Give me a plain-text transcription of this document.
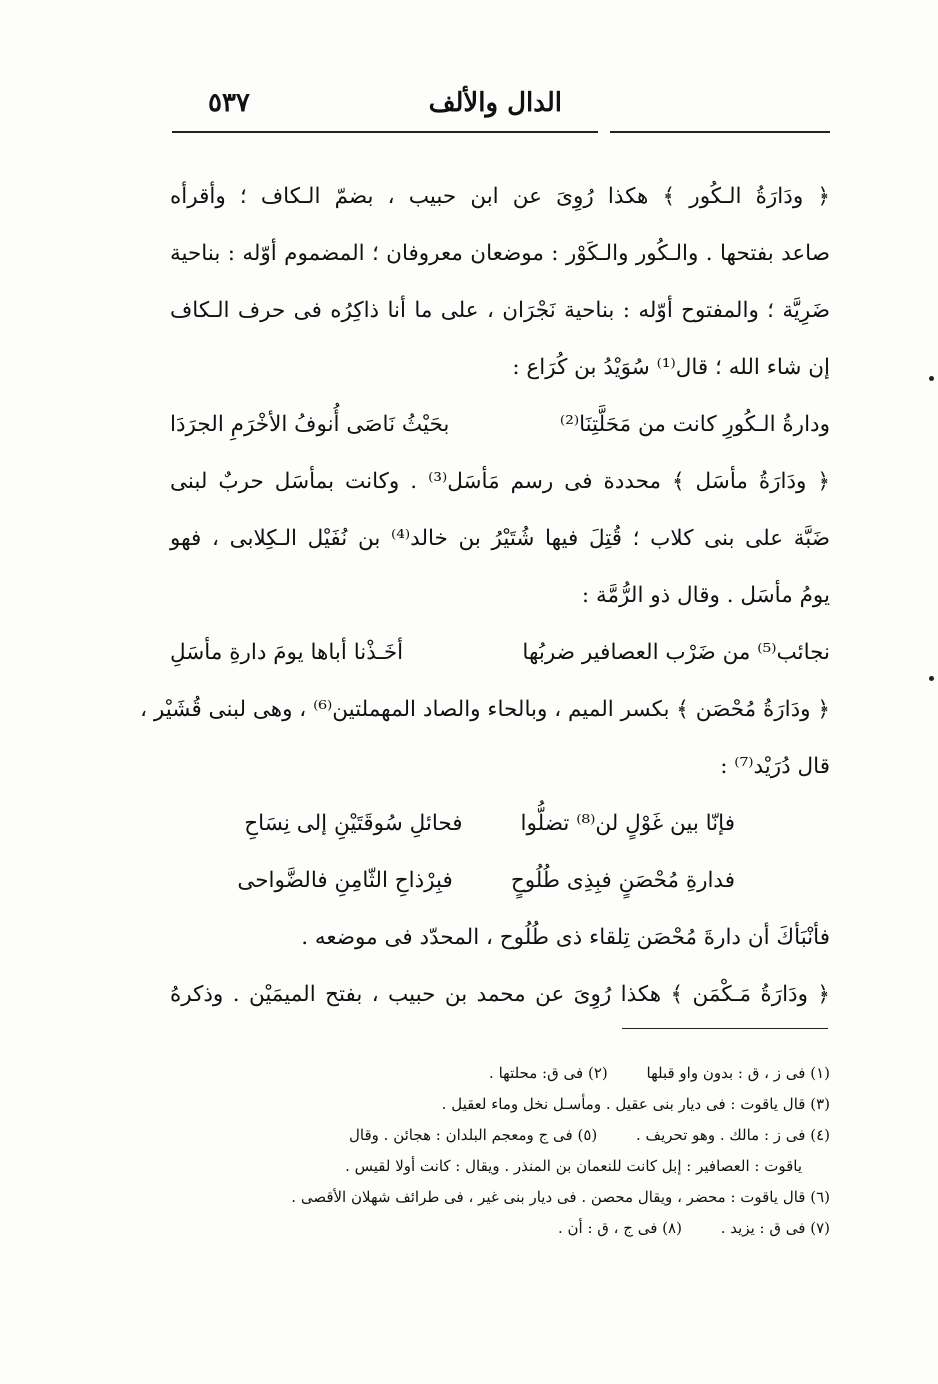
الدال والألف
٥٣٧
﴿ ودَارَةُ الـكُور ﴾ هكذا رُوِىَ عن ابن حبيب ، بضمّ الـكاف ؛ وأقرأه
صاعد بفتحها . والـكُور والـكَوْر : موضعان معروفان ؛ المضموم أوّله : بناحية
ضَرِيَّة ؛ والمفتوح أوّله : بناحية نَجْرَان ، على ما أنا ذاكِرُه فى حرف الـكاف
إن شاء الله ؛ قال⁽¹⁾ سُوَيْدُ بن كُرَاع :
ودارةُ الـكُورِ كانت من مَحَلَّتِنَا⁽²⁾
بحَيْثُ نَاصَى أُنوفُ الأخْرَمِ الجرَدَا
﴿ ودَارَةُ مأسَل ﴾ محددة فى رسم مَأسَل⁽³⁾ . وكانت بمأسَل حربٌ لبنى
ضَبَّة على بنى كلاب ؛ قُتِلَ فيها شُتَيْرُ بن خالد⁽⁴⁾ بن نُفَيْل الـكِلابى ، فهو
يومُ مأسَل . وقال ذو الرُّمَّة :
نجائب⁽⁵⁾ من ضَرْب العصافير ضربُها
أخَـذْنا أباها يومَ دارةِ مأسَلِ
﴿ ودَارَةُ مُحْصَن ﴾ بكسر الميم ، وبالحاء والصاد المهملتين⁽⁶⁾ ، وهى لبنى قُشَيْر ،
قال دُرَيْد⁽⁷⁾ :
فإنّا بين غَوْلٍ لن⁽⁸⁾ تضلُّوا
فحائلِ سُوقَتَيْنِ إلى نِسَاحِ
فدارةِ مُحْصَنٍ فبِذِى طُلُوحٍ
فبِرْذاحِ الثّامِنِ فالضَّواحى
فأنْبَأكَ أن دارةَ مُحْصَن تِلقاء ذى طُلُوح ، المحدّد فى موضعه .
﴿ ودَارَةُ مَـكْمَن ﴾ هكذا رُوِىَ عن محمد بن حبيب ، بفتح الميمَيْن . وذكرهُ
(١) فى ز ، ق : بدون واو قبلها (٢) فى ق: محلتها .
(٣) قال ياقوت : فى ديار بنى عقيل . ومأسـل نخل وماء لعقيل .
(٤) فى ز : مالك . وهو تحريف . (٥) فى ج ومعجم البلدان : هجائن . وقال
ياقوت : العصافير : إبل كانت للنعمان بن المنذر . ويقال : كانت أولا لقيس .
(٦) قال ياقوت : محضر ، ويقال محصن . فى ديار بنى غير ، فى طرائف شهلان الأقصى .
(٧) فى ق : يزيد . (٨) فى ج ، ق : أن .
